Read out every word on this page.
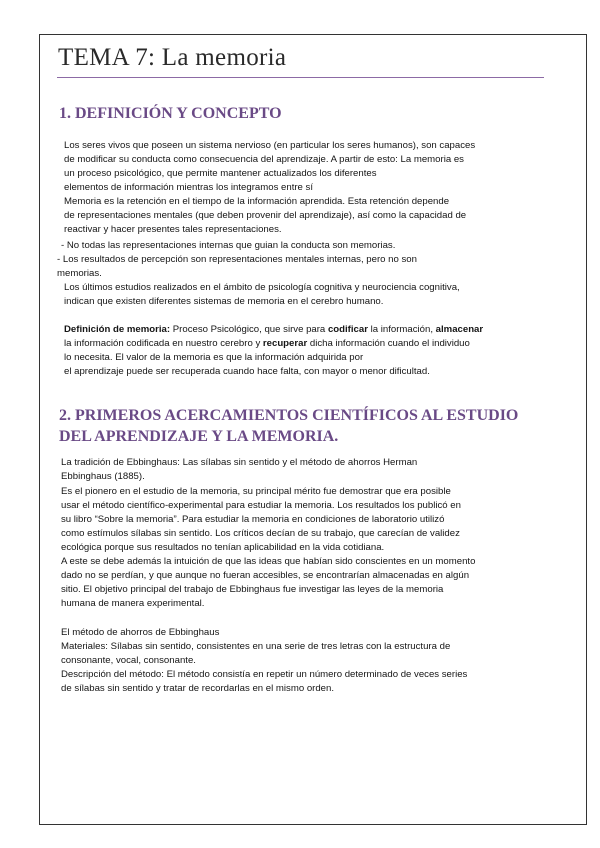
TEMA 7: La memoria
1. DEFINICIÓN Y CONCEPTO
Los seres vivos que poseen un sistema nervioso (en particular los seres humanos), son capaces
de modificar su conducta como consecuencia del aprendizaje. A partir de esto: La memoria es
un proceso psicológico, que permite mantener actualizados los diferentes
elementos de información mientras los integramos entre sí
Memoria es la retención en el tiempo de la información aprendida. Esta retención depende
de representaciones mentales (que deben provenir del aprendizaje), así como la capacidad de
reactivar y hacer presentes tales representaciones.
- No todas las representaciones internas que guian la conducta son memorias.
- Los resultados de percepción son representaciones mentales internas, pero no son
memorias.
Los últimos estudios realizados en el ámbito de psicología cognitiva y neurociencia cognitiva,
indican que existen diferentes sistemas de memoria en el cerebro humano.
Definición de memoria: Proceso Psicológico, que sirve para codificar la información, almacenar
la información codificada en nuestro cerebro y recuperar dicha información cuando el individuo
lo necesita. El valor de la memoria es que la información adquirida por
el aprendizaje puede ser recuperada cuando hace falta, con mayor o menor dificultad.
2. PRIMEROS ACERCAMIENTOS CIENTÍFICOS AL ESTUDIO
DEL APRENDIZAJE Y LA MEMORIA.
La tradición de Ebbinghaus: Las sílabas sin sentido y el método de ahorros Herman
Ebbinghaus (1885).
Es el pionero en el estudio de la memoria, su principal mérito fue demostrar que era posible
usar el método científico-experimental para estudiar la memoria. Los resultados los publicó en
su libro “Sobre la memoria”. Para estudiar la memoria en condiciones de laboratorio utilizó
como estímulos sílabas sin sentido. Los críticos decían de su trabajo, que carecían de validez
ecológica porque sus resultados no tenían aplicabilidad en la vida cotidiana.
A este se debe además la intuición de que las ideas que habían sido conscientes en un momento
dado no se perdían, y que aunque no fueran accesibles, se encontrarían almacenadas en algún
sitio. El objetivo principal del trabajo de Ebbinghaus fue investigar las leyes de la memoria
humana de manera experimental.
El método de ahorros de Ebbinghaus
Materiales: Sílabas sin sentido, consistentes en una serie de tres letras con la estructura de
consonante, vocal, consonante.
Descripción del método: El método consistía en repetir un número determinado de veces series
de sílabas sin sentido y tratar de recordarlas en el mismo orden.
